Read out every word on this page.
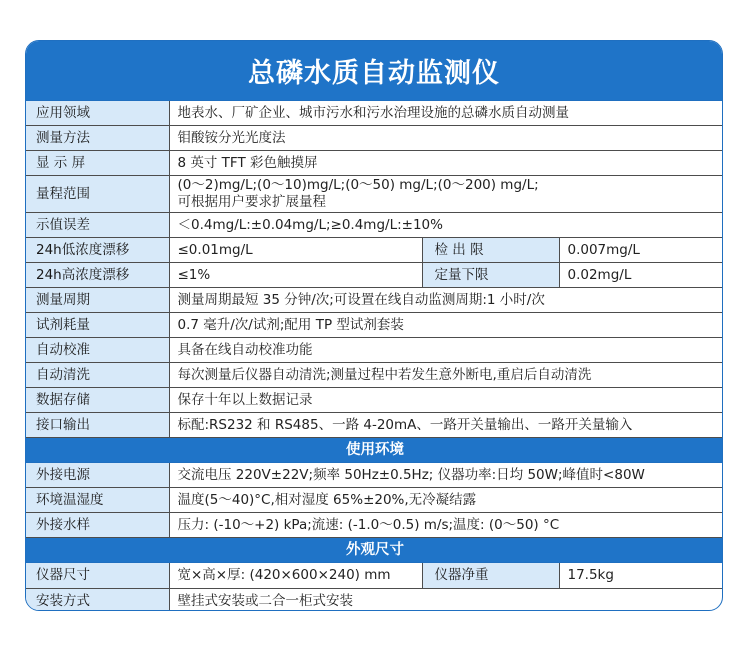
总磷水质自动监测仪
应用领域	地表水、厂矿企业、城市污水和污水治理设施的总磷水质自动测量		
测量方法	钼酸铵分光光度法		
显 示 屏	8 英寸 TFT 彩色触摸屏		
量程范围	(0～2)mg/L;(0～10)mg/L;(0～50) mg/L;(0～200) mg/L;
可根据用户要求扩展量程		

示值误差	＜0.4mg/L:±0.04mg/L;≥0.4mg/L:±10%		
24h低浓度漂移	≤0.01mg/L	检 出 限	0.007mg/L
24h高浓度漂移	≤1%	定量下限	0.02mg/L
测量周期	测量周期最短 35 分钟/次;可设置在线自动监测周期:1 小时/次		
试剂耗量	0.7 毫升/次/试剂;配用 TP 型试剂套装		
自动校准	具备在线自动校准功能		
自动清洗	每次测量后仪器自动清洗;测量过程中若发生意外断电,重启后自动清洗		
数据存储	保存十年以上数据记录		
接口输出	标配:RS232 和 RS485、一路 4-20mA、一路开关量输出、一路开关量输入		
使用环境			
外接电源	交流电压 220V±22V;频率 50Hz±0.5Hz; 仪器功率:日均 50W;峰值时<80W		
环境温湿度	温度(5～40)°C,相对湿度 65%±20%,无冷凝结露		
外接水样	压力: (-10～+2) kPa;流速: (-1.0～0.5) m/s;温度: (0～50) °C		
外观尺寸			
仪器尺寸	宽×高×厚: (420×600×240) mm	仪器净重	17.5kg
安装方式	壁挂式安装或二合一柜式安装		
